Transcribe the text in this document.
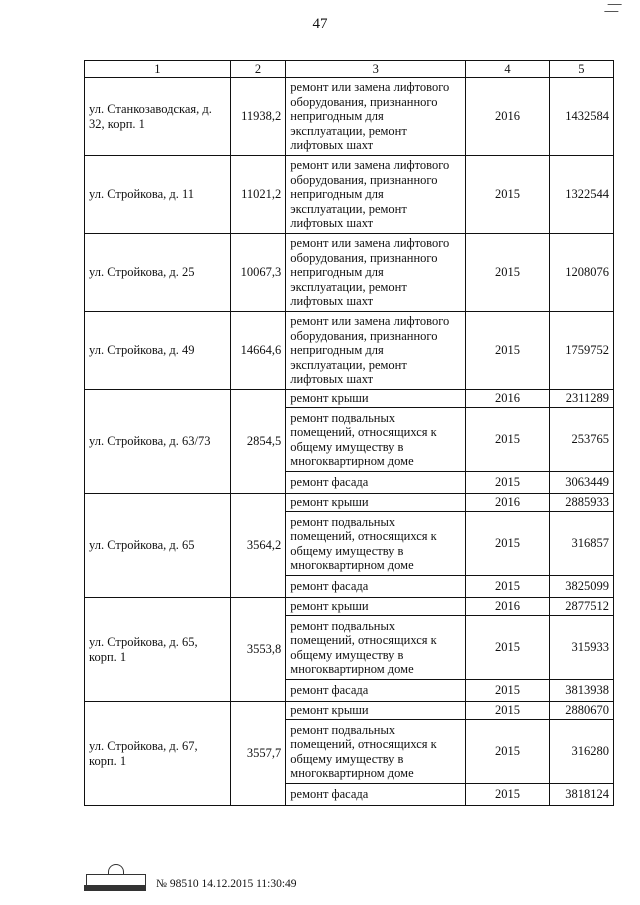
47
1	2	3	4	5
ул. Станкозаводская, д. 32, корп. 1	11938,2	ремонт или замена лифтового оборудования, признанного непригодным для эксплуатации, ремонт лифтовых шахт	2016	1432584
ул. Стройкова, д. 11	11021,2	ремонт или замена лифтового оборудования, признанного непригодным для эксплуатации, ремонт лифтовых шахт	2015	1322544
ул. Стройкова, д. 25	10067,3	ремонт или замена лифтового оборудования, признанного непригодным для эксплуатации, ремонт лифтовых шахт	2015	1208076
ул. Стройкова, д. 49	14664,6	ремонт или замена лифтового оборудования, признанного непригодным для эксплуатации, ремонт лифтовых шахт	2015	1759752
ул. Стройкова, д. 63/73	2854,5	ремонт крыши	2016	2311289
		ремонт подвальных помещений, относящихся к общему имуществу в многоквартирном доме	2015	253765
		ремонт фасада	2015	3063449
ул. Стройкова, д. 65	3564,2	ремонт крыши	2016	2885933
		ремонт подвальных помещений, относящихся к общему имуществу в многоквартирном доме	2015	316857
		ремонт фасада	2015	3825099
ул. Стройкова, д. 65, корп. 1	3553,8	ремонт крыши	2016	2877512
		ремонт подвальных помещений, относящихся к общему имуществу в многоквартирном доме	2015	315933
		ремонт фасада	2015	3813938
ул. Стройкова, д. 67, корп. 1	3557,7	ремонт крыши	2015	2880670
		ремонт подвальных помещений, относящихся к общему имуществу в многоквартирном доме	2015	316280
		ремонт фасада	2015	3818124
№ 98510 14.12.2015 11:30:49
